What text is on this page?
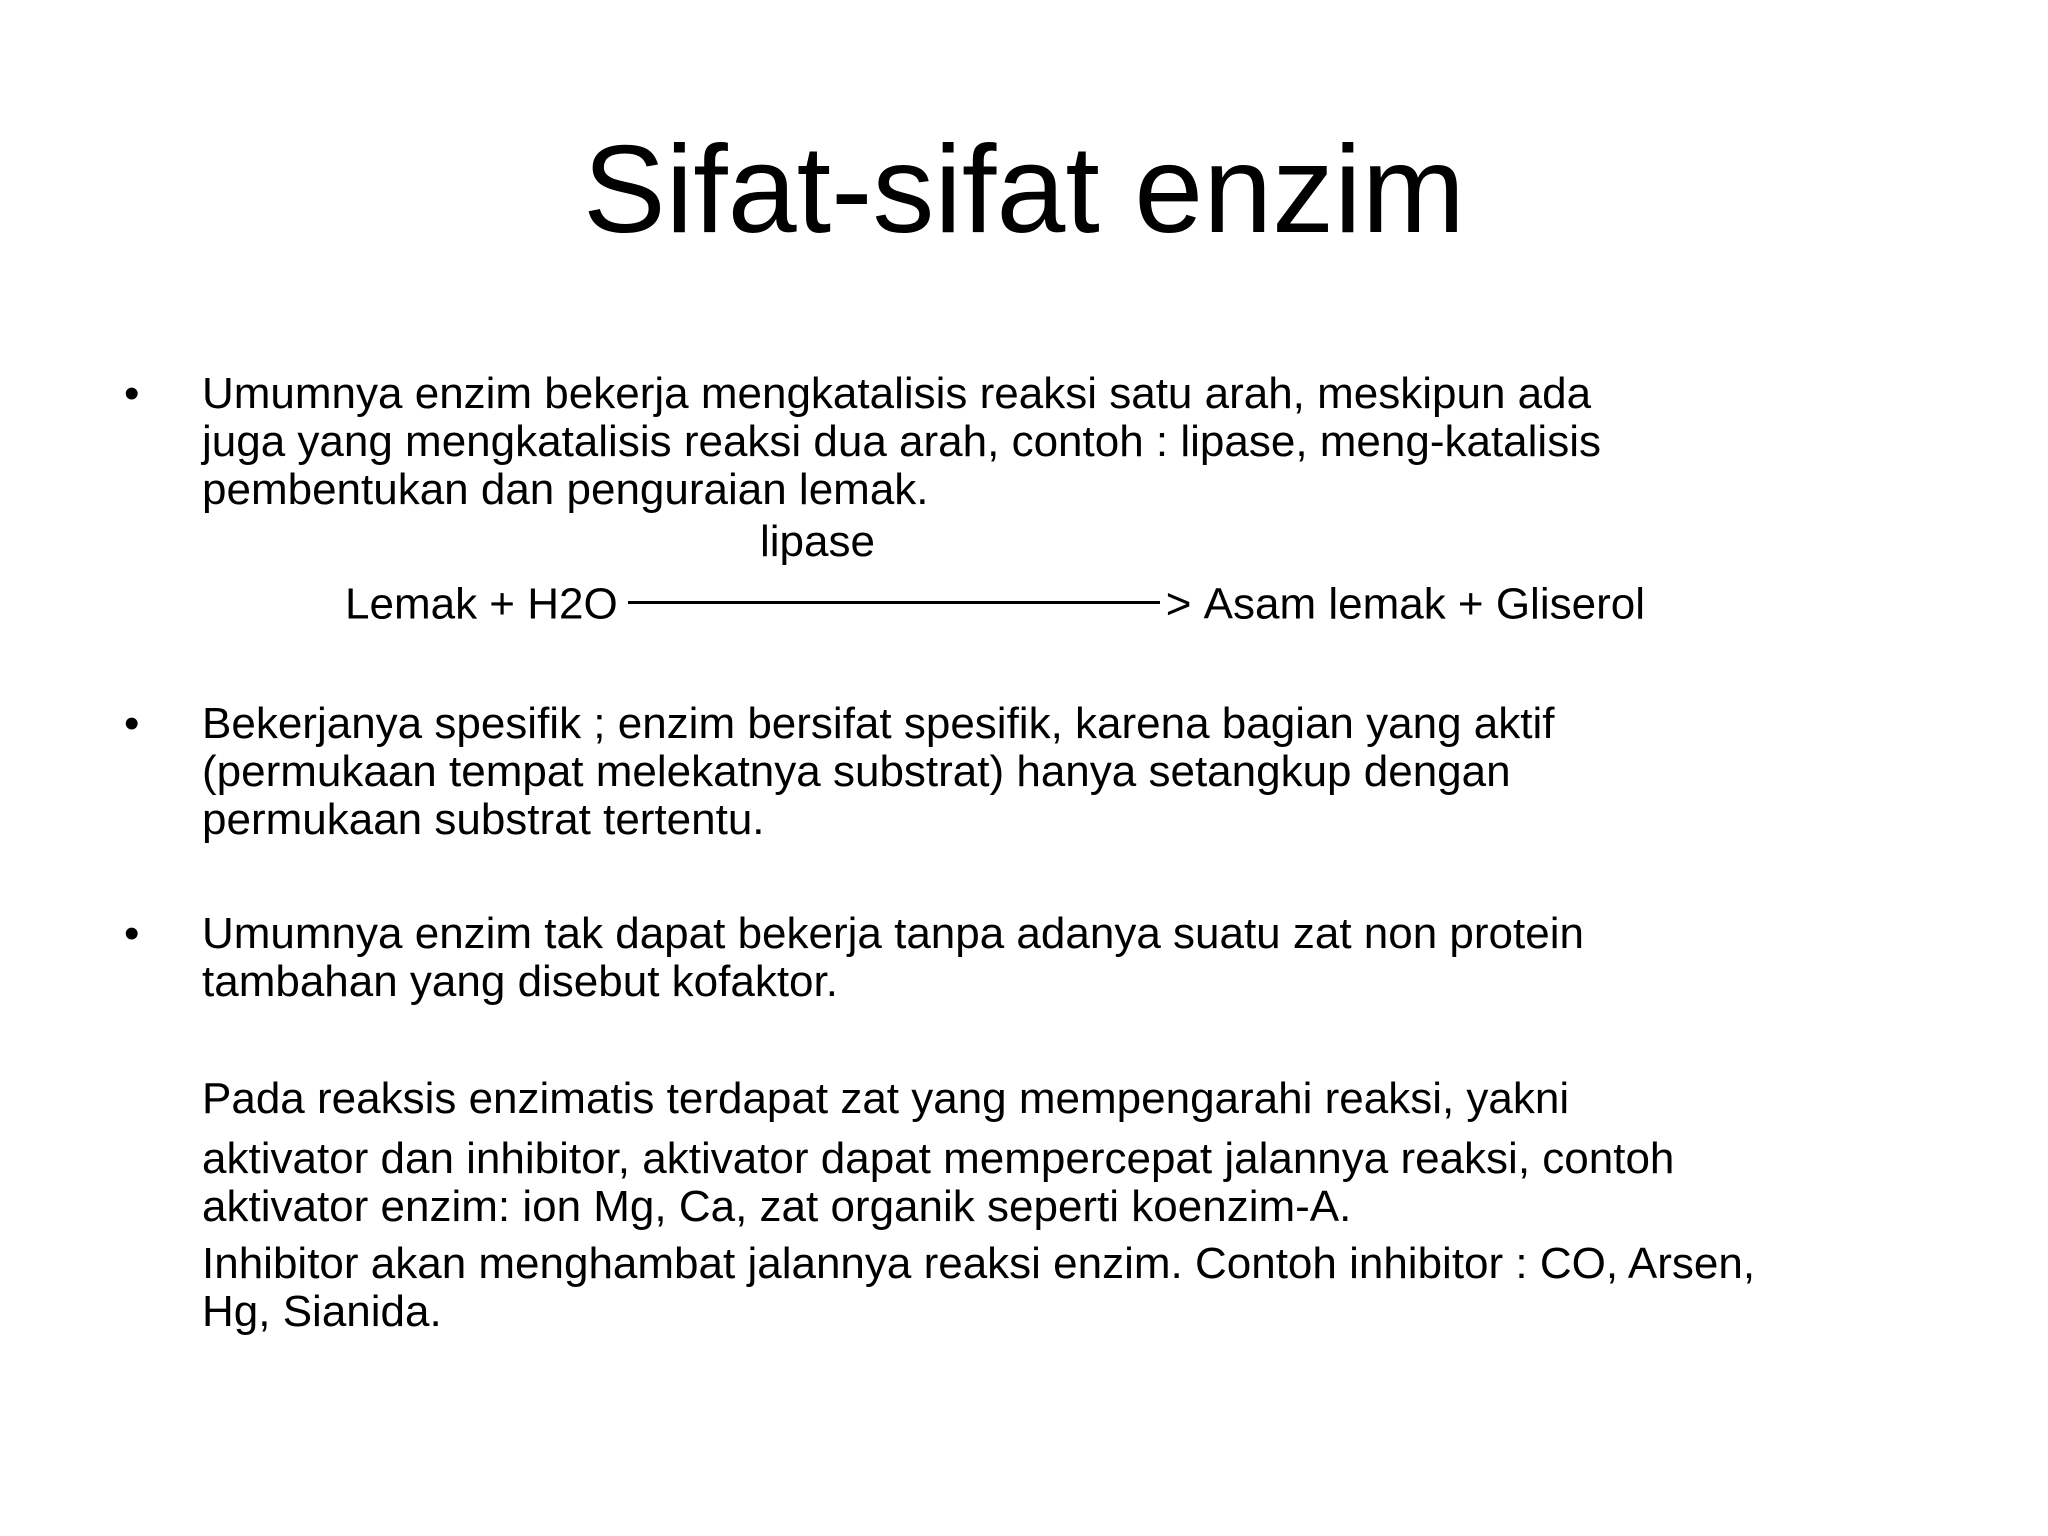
Sifat-sifat enzim
•	Umumnya enzim bekerja mengkatalisis reaksi satu arah, meskipun ada
juga yang mengkatalisis reaksi dua arah, contoh : lipase, meng-katalisis
pembentukan dan penguraian lemak.

lipase
Lemak + H2O	> Asam lemak + Gliserol
•	Bekerjanya spesifik ; enzim bersifat spesifik, karena bagian yang aktif
(permukaan tempat melekatnya substrat) hanya setangkup dengan
permukaan substrat tertentu.

•	Umumnya enzim tak dapat bekerja tanpa adanya suatu zat non protein
tambahan yang disebut kofaktor.

Pada reaksis enzimatis terdapat zat yang mempengarahi reaksi, yakni

aktivator dan inhibitor, aktivator dapat mempercepat jalannya reaksi, contoh
aktivator enzim: ion Mg, Ca, zat organik seperti koenzim-A.

Inhibitor akan menghambat jalannya reaksi enzim. Contoh inhibitor : CO, Arsen,
Hg, Sianida.
